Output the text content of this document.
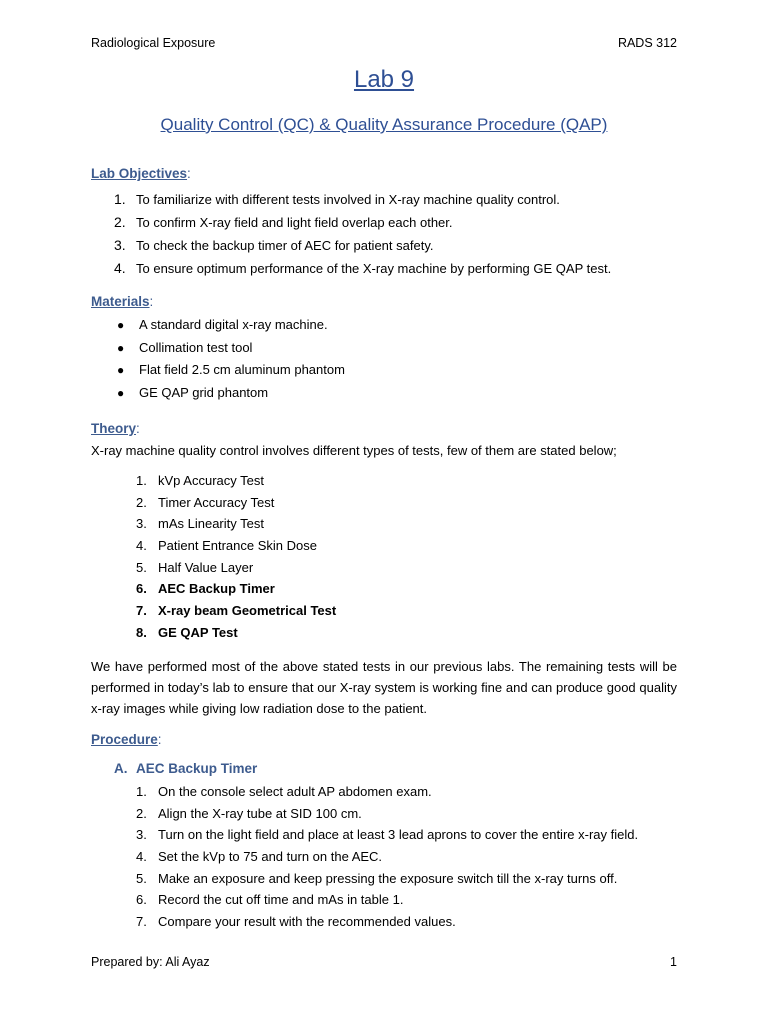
Radiological Exposure	RADS 312
Lab 9
Quality Control (QC) & Quality Assurance Procedure (QAP)
Lab Objectives:
1. To familiarize with different tests involved in X-ray machine quality control.
2. To confirm X-ray field and light field overlap each other.
3. To check the backup timer of AEC for patient safety.
4. To ensure optimum performance of the X-ray machine by performing GE QAP test.
Materials:
● A standard digital x-ray machine.
● Collimation test tool
● Flat field 2.5 cm aluminum phantom
● GE QAP grid phantom
Theory:
X-ray machine quality control involves different types of tests, few of them are stated below;
1. kVp Accuracy Test
2. Timer Accuracy Test
3. mAs Linearity Test
4. Patient Entrance Skin Dose
5. Half Value Layer
6. AEC Backup Timer
7. X-ray beam Geometrical Test
8. GE QAP Test
We have performed most of the above stated tests in our previous labs. The remaining tests will be performed in today’s lab to ensure that our X-ray system is working fine and can produce good quality x-ray images while giving low radiation dose to the patient.
Procedure:
A. AEC Backup Timer
1. On the console select adult AP abdomen exam.
2. Align the X-ray tube at SID 100 cm.
3. Turn on the light field and place at least 3 lead aprons to cover the entire x-ray field.
4. Set the kVp to 75 and turn on the AEC.
5. Make an exposure and keep pressing the exposure switch till the x-ray turns off.
6. Record the cut off time and mAs in table 1.
7. Compare your result with the recommended values.
Prepared by: Ali Ayaz	1
